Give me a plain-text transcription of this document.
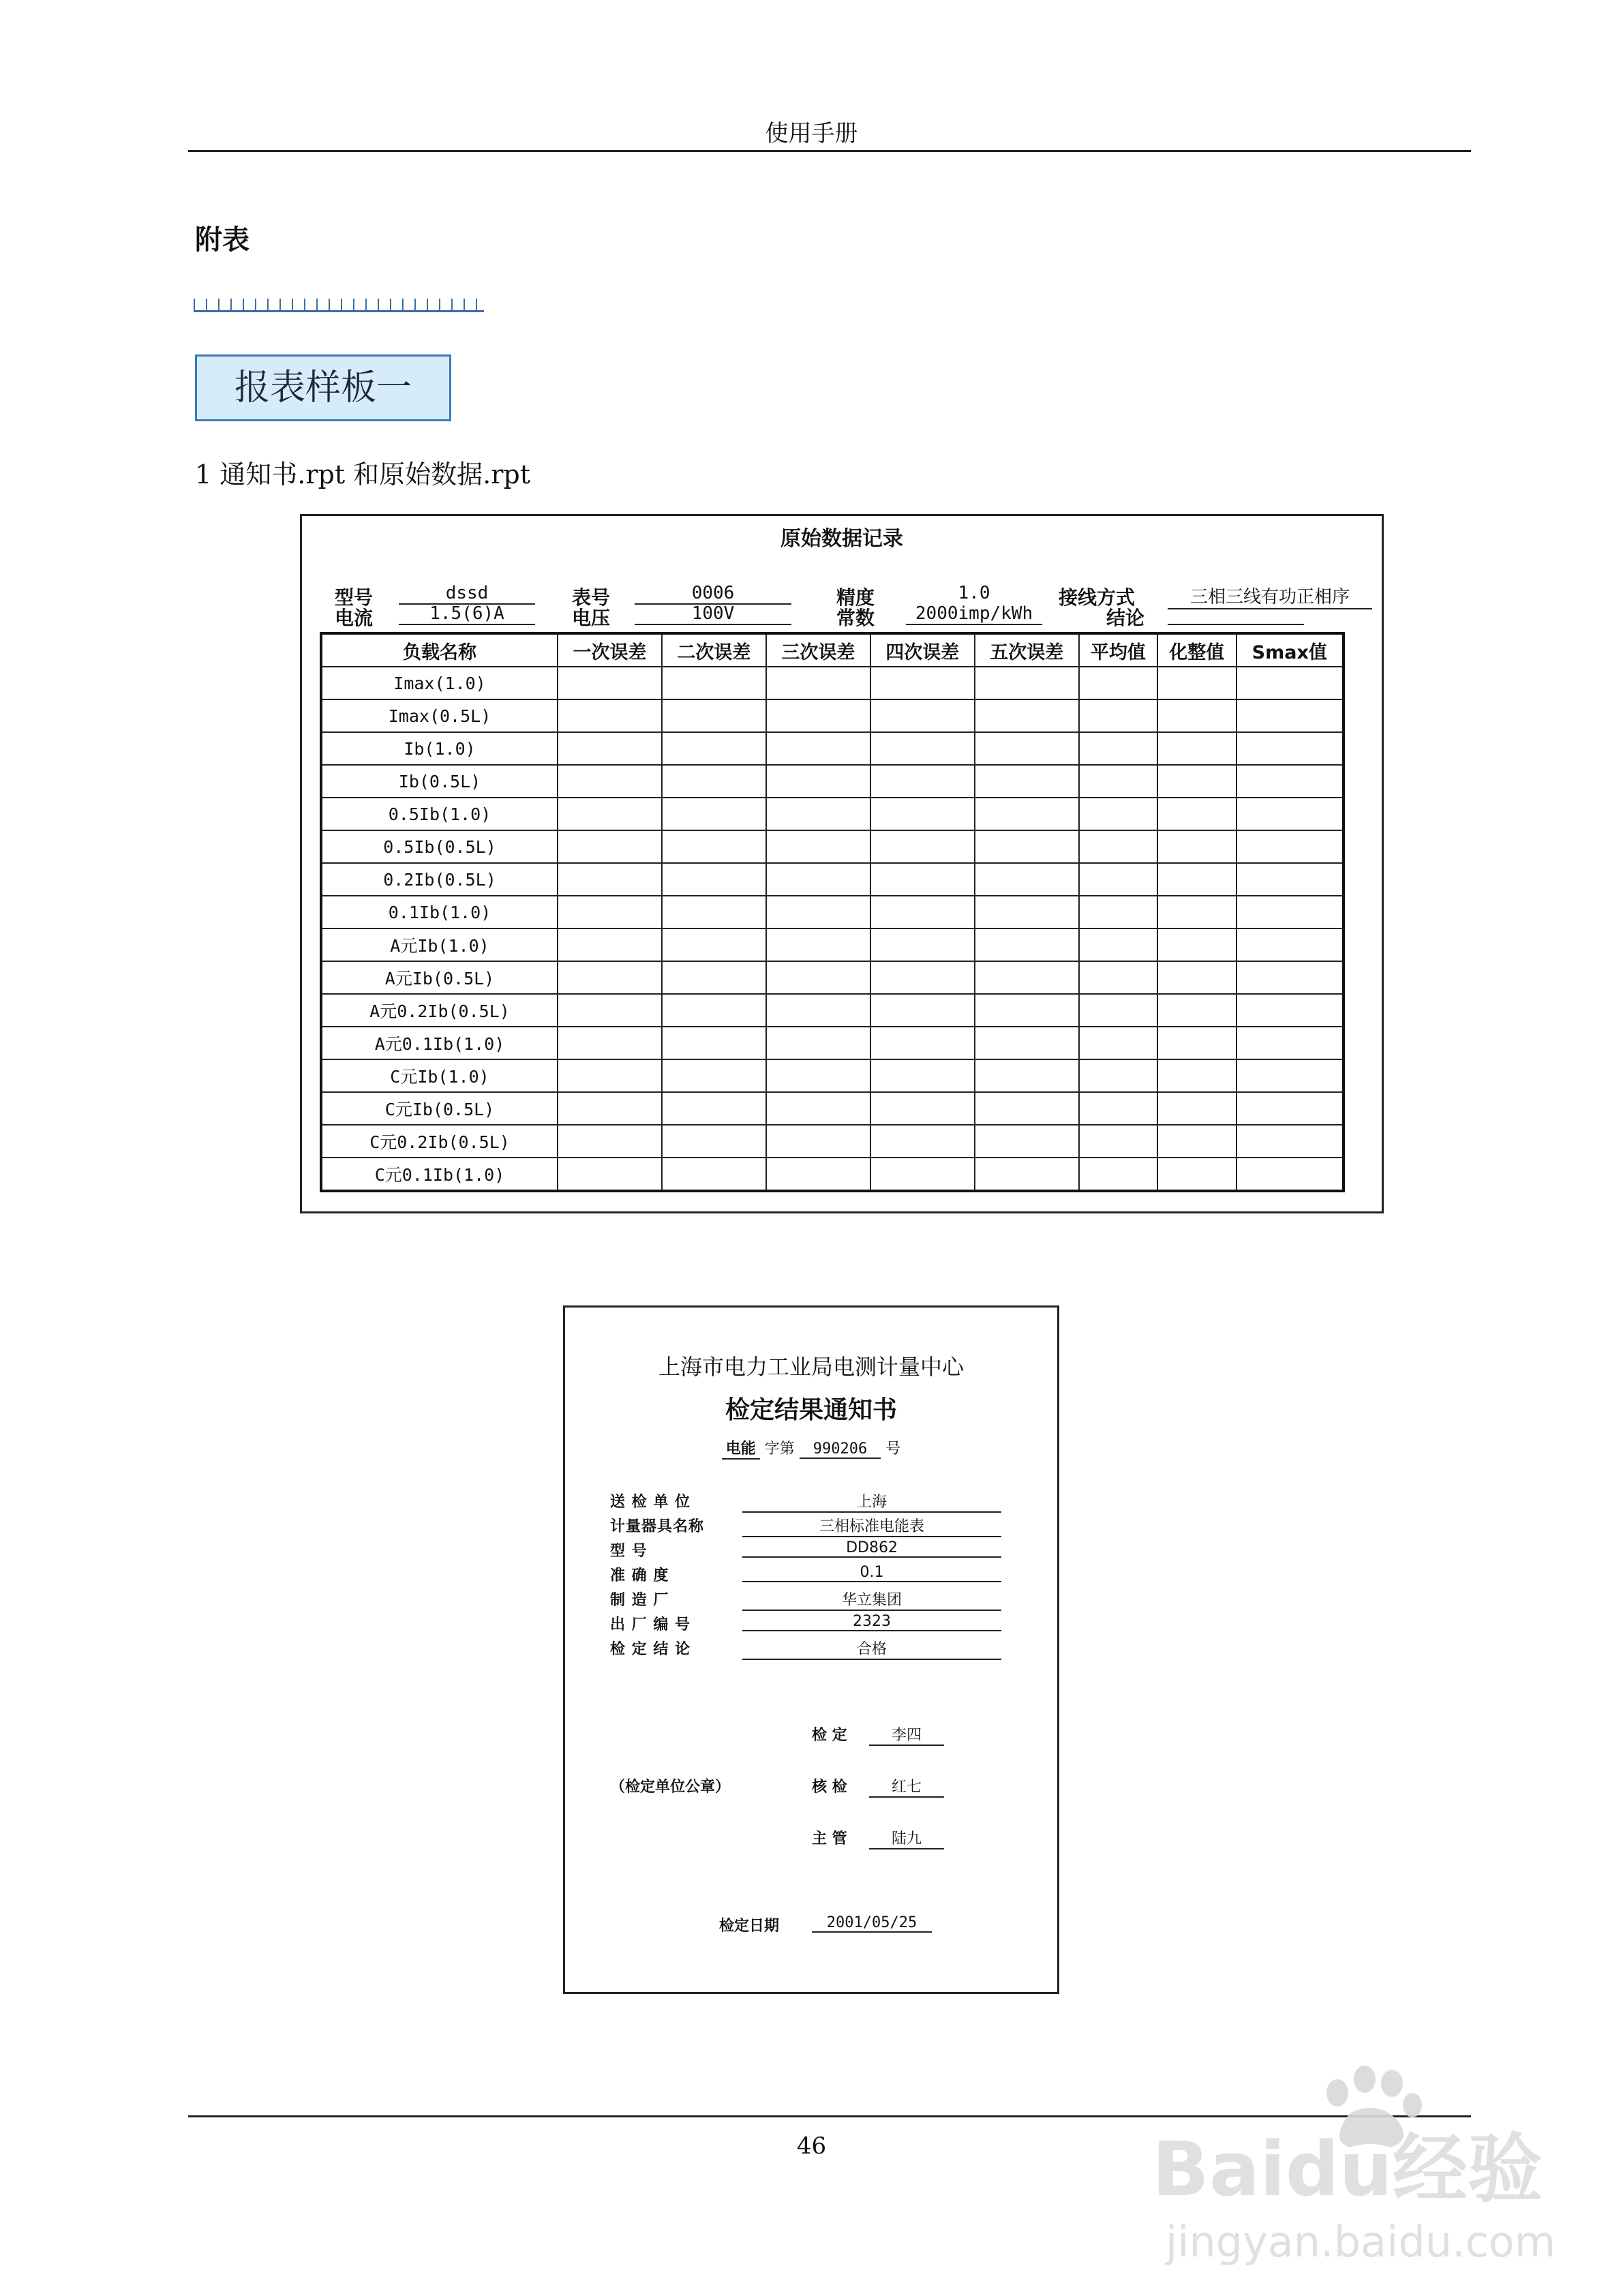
使用手册
附表
报表样板一
1 通知书.rpt 和原始数据.rpt
原始数据记录
型号	dssd	表号	0006	精度	1.0	接线方式	三相三线有功正相序
电流	1.5(6)A	电压	100V	常数	2000imp/kWh	结论
负载名称	一次误差	二次误差	三次误差	四次误差	五次误差	平均值	化整值	Smax值
Imax(1.0)								
Imax(0.5L)								
Ib(1.0)								
Ib(0.5L)								
0.5Ib(1.0)								
0.5Ib(0.5L)								
0.2Ib(0.5L)								
0.1Ib(1.0)								
A元Ib(1.0)								
A元Ib(0.5L)								
A元0.2Ib(0.5L)								
A元0.1Ib(1.0)								
C元Ib(1.0)								
C元Ib(0.5L)								
C元0.2Ib(0.5L)								
C元0.1Ib(1.0)								
上海市电力工业局电测计量中心
检定结果通知书
电能 字第 990206 号
送 检 单 位	上海
计量器具名称	三相标准电能表
型 号	DD862
准 确 度	0.1
制 造 厂	华立集团
出 厂 编 号	2323
检 定 结 论	合格
检 定	李四
（检定单位公章）	核 检	红七
主 管	陆九
检定日期	2001/05/25
46	Baidu经验
jingyan.baidu.com
